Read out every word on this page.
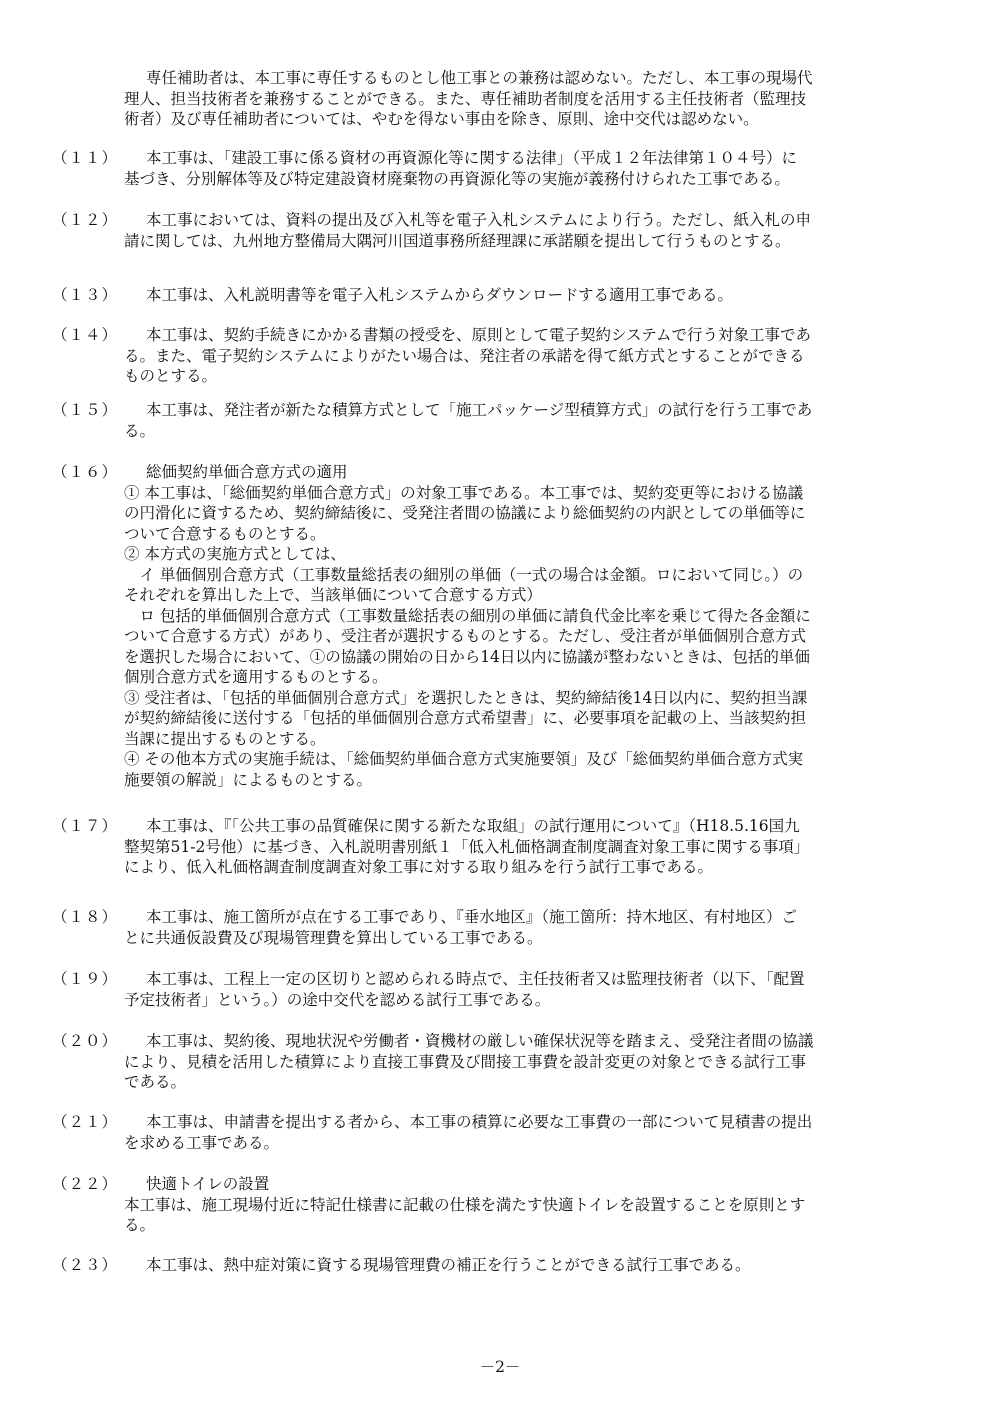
専任補助者は、本工事に専任するものとし他工事との兼務は認めない。ただし、本工事の現場代
理人、担当技術者を兼務することができる。また、専任補助者制度を活用する主任技術者（監理技
術者）及び専任補助者については、やむを得ない事由を除き、原則、途中交代は認めない。
（１１）	本工事は、「建設工事に係る資材の再資源化等に関する法律」（平成１２年法律第１０４号）に
基づき、分別解体等及び特定建設資材廃棄物の再資源化等の実施が義務付けられた工事である。
（１２）	本工事においては、資料の提出及び入札等を電子入札システムにより行う。ただし、紙入札の申
請に関しては、九州地方整備局大隅河川国道事務所経理課に承諾願を提出して行うものとする。
（１３）	本工事は、入札説明書等を電子入札システムからダウンロードする適用工事である。
（１４）	本工事は、契約手続きにかかる書類の授受を、原則として電子契約システムで行う対象工事であ
る。また、電子契約システムによりがたい場合は、発注者の承諾を得て紙方式とすることができる
ものとする。
（１５）	本工事は、発注者が新たな積算方式として「施工パッケージ型積算方式」の試行を行う工事であ
る。
（１６）	総価契約単価合意方式の適用
① 本工事は、「総価契約単価合意方式」の対象工事である。本工事では、契約変更等における協議
の円滑化に資するため、契約締結後に、受発注者間の協議により総価契約の内訳としての単価等に
ついて合意するものとする。
② 本方式の実施方式としては、
　イ 単価個別合意方式（工事数量総括表の細別の単価（一式の場合は金額。ロにおいて同じ。）の
それぞれを算出した上で、当該単価について合意する方式）
　ロ 包括的単価個別合意方式（工事数量総括表の細別の単価に請負代金比率を乗じて得た各金額に
ついて合意する方式）があり、受注者が選択するものとする。ただし、受注者が単価個別合意方式
を選択した場合において、①の協議の開始の日から14日以内に協議が整わないときは、包括的単価
個別合意方式を適用するものとする。
③ 受注者は、「包括的単価個別合意方式」を選択したときは、契約締結後14日以内に、契約担当課
が契約締結後に送付する「包括的単価個別合意方式希望書」に、必要事項を記載の上、当該契約担
当課に提出するものとする。
④ その他本方式の実施手続は、「総価契約単価合意方式実施要領」及び「総価契約単価合意方式実
施要領の解説」によるものとする。
（１７）	本工事は、『「公共工事の品質確保に関する新たな取組」の試行運用について』（H18.5.16国九
整契第51-2号他）に基づき、入札説明書別紙１「低入札価格調査制度調査対象工事に関する事項」
により、低入札価格調査制度調査対象工事に対する取り組みを行う試行工事である。
（１８）	本工事は、施工箇所が点在する工事であり、『垂水地区』（施工箇所：持木地区、有村地区）ご
とに共通仮設費及び現場管理費を算出している工事である。
（１９）	本工事は、工程上一定の区切りと認められる時点で、主任技術者又は監理技術者（以下、「配置
予定技術者」という。）の途中交代を認める試行工事である。
（２０）	本工事は、契約後、現地状況や労働者・資機材の厳しい確保状況等を踏まえ、受発注者間の協議
により、見積を活用した積算により直接工事費及び間接工事費を設計変更の対象とできる試行工事
である。
（２１）	本工事は、申請書を提出する者から、本工事の積算に必要な工事費の一部について見積書の提出
を求める工事である。
（２２）	快適トイレの設置
本工事は、施工現場付近に特記仕様書に記載の仕様を満たす快適トイレを設置することを原則とす
る。
（２３）	本工事は、熱中症対策に資する現場管理費の補正を行うことができる試行工事である。
－2－
